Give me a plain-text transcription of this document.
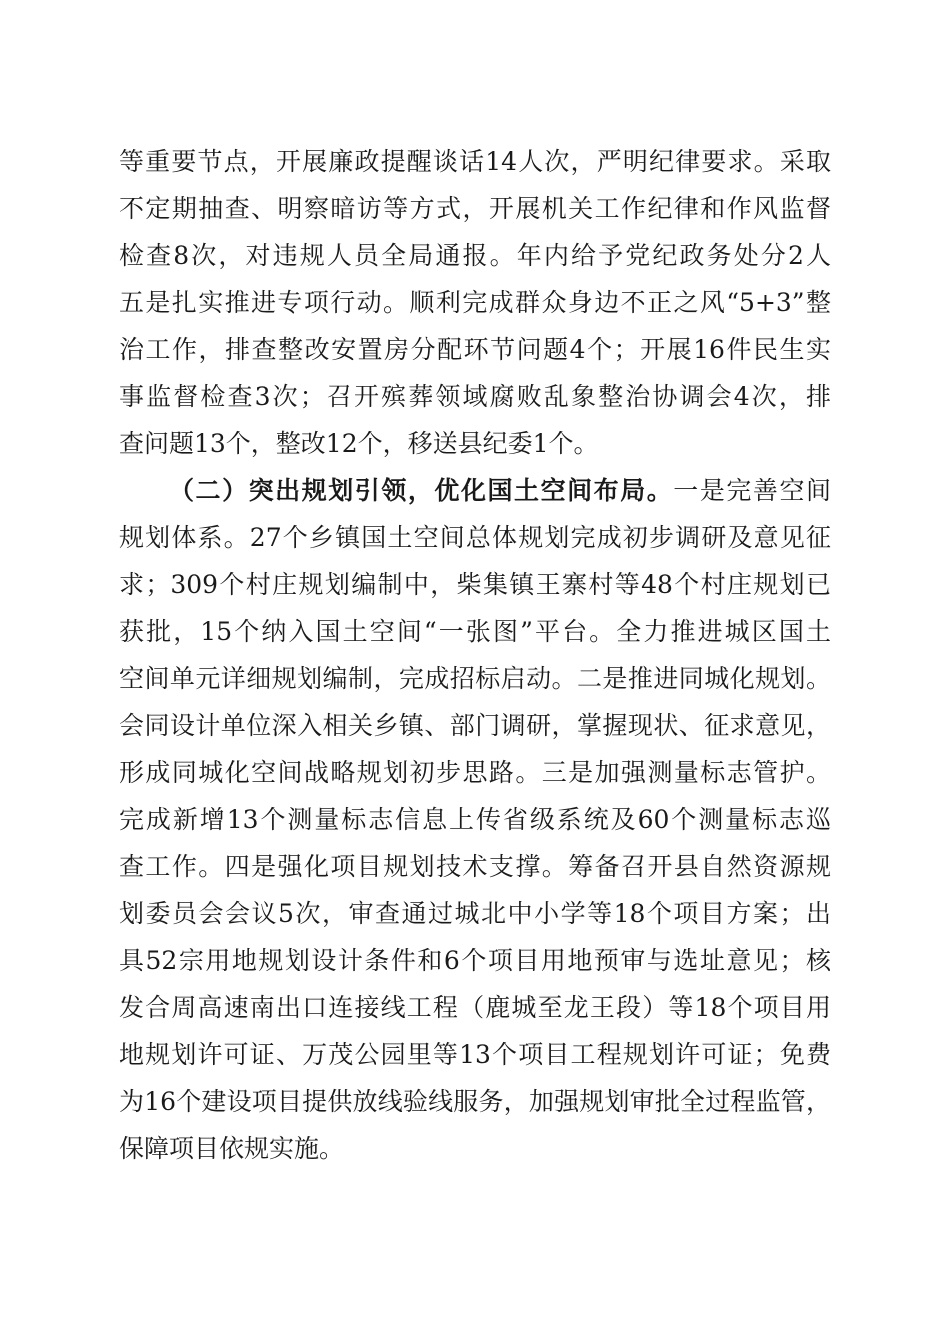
等重要节点，开展廉政提醒谈话14人次，严明纪律要求。采取
不定期抽查、明察暗访等方式，开展机关工作纪律和作风监督
检查8次，对违规人员全局通报。年内给予党纪政务处分2人
五是扎实推进专项行动。顺利完成群众身边不正之风“5+3”整
治工作，排查整改安置房分配环节问题4个；开展16件民生实
事监督检查3次；召开殡葬领域腐败乱象整治协调会4次，排
查问题13个，整改12个，移送县纪委1个。
（二）突出规划引领，优化国土空间布局。一是完善空间
规划体系。27个乡镇国土空间总体规划完成初步调研及意见征
求；309个村庄规划编制中，柴集镇王寨村等48个村庄规划已
获批，15个纳入国土空间“一张图”平台。全力推进城区国土
空间单元详细规划编制，完成招标启动。二是推进同城化规划。
会同设计单位深入相关乡镇、部门调研，掌握现状、征求意见，
形成同城化空间战略规划初步思路。三是加强测量标志管护。
完成新增13个测量标志信息上传省级系统及60个测量标志巡
查工作。四是强化项目规划技术支撑。筹备召开县自然资源规
划委员会会议5次，审查通过城北中小学等18个项目方案；出
具52宗用地规划设计条件和6个项目用地预审与选址意见；核
发合周高速南出口连接线工程（鹿城至龙王段）等18个项目用
地规划许可证、万茂公园里等13个项目工程规划许可证；免费
为16个建设项目提供放线验线服务，加强规划审批全过程监管，
保障项目依规实施。
